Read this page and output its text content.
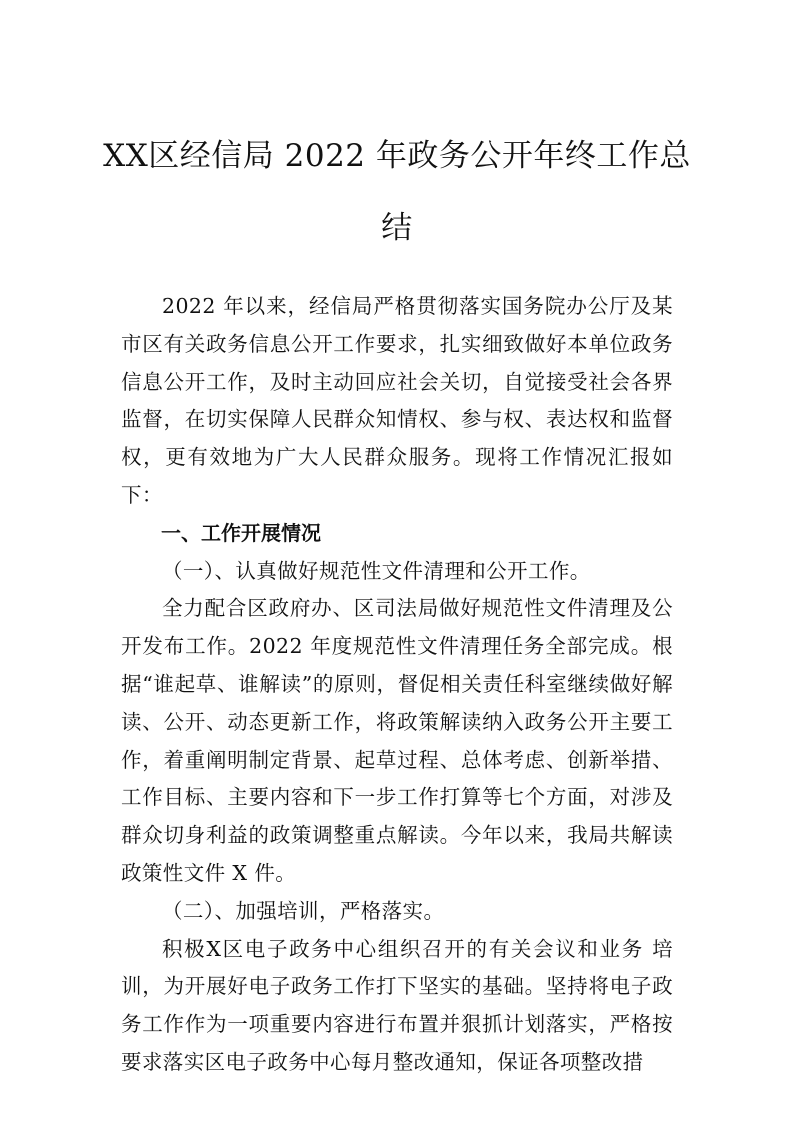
XX区经信局 2022 年政务公开年终工作总
结

2022 年以来，经信局严格贯彻落实国务院办公厅及某市区有关政务信息公开工作要求，扎实细致做好本单位政务信息公开工作，及时主动回应社会关切，自觉接受社会各界监督，在切实保障人民群众知情权、参与权、表达权和监督权，更有效地为广大人民群众服务。现将工作情况汇报如下：

一、工作开展情况

（一）、认真做好规范性文件清理和公开工作。

全力配合区政府办、区司法局做好规范性文件清理及公开发布工作。2022 年度规范性文件清理任务全部完成。根据“谁起草、谁解读”的原则，督促相关责任科室继续做好解读、公开、动态更新工作，将政策解读纳入政务公开主要工作，着重阐明制定背景、起草过程、总体考虑、创新举措、 工作目标、主要内容和下一步工作打算等七个方面，对涉及群众切身利益的政策调整重点解读。今年以来，我局共解读政策性文件 X 件。

（二）、加强培训，严格落实。

积极X区电子政务中心组织召开的有关会议和业务 培训，为开展好电子政务工作打下坚实的基础。坚持将电子政务工作作为一项重要内容进行布置并狠抓计划落实，严格按要求落实区电子政务中心每月整改通知，保证各项整改措
